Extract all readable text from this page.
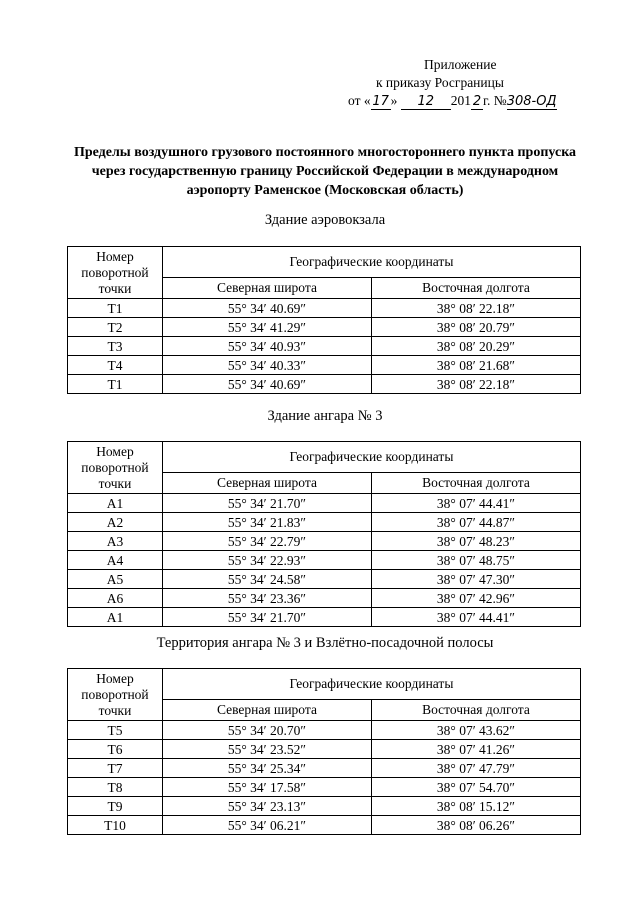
Приложение
к приказу Росграницы
от « 17 » 12 201 2 г. №308-ОД
Пределы воздушного грузового постоянного многостороннего пункта пропуска через государственную границу Российской Федерации в международном аэропорту Раменское (Московская область)
Здание аэровокзала
Номер поворотной точки	Географические координаты	
	Северная широта	Восточная долгота
Т1	55° 34′ 40.69″	38° 08′ 22.18″
Т2	55° 34′ 41.29″	38° 08′ 20.79″
Т3	55° 34′ 40.93″	38° 08′ 20.29″
Т4	55° 34′ 40.33″	38° 08′ 21.68″
Т1	55° 34′ 40.69″	38° 08′ 22.18″
Здание ангара № 3
Номер поворотной точки	Географические координаты	
	Северная широта	Восточная долгота
А1	55° 34′ 21.70″	38° 07′ 44.41″
А2	55° 34′ 21.83″	38° 07′ 44.87″
А3	55° 34′ 22.79″	38° 07′ 48.23″
А4	55° 34′ 22.93″	38° 07′ 48.75″
А5	55° 34′ 24.58″	38° 07′ 47.30″
А6	55° 34′ 23.36″	38° 07′ 42.96″
А1	55° 34′ 21.70″	38° 07′ 44.41″
Территория ангара № 3 и Взлётно-посадочной полосы
Номер поворотной точки	Географические координаты	
	Северная широта	Восточная долгота
Т5	55° 34′ 20.70″	38° 07′ 43.62″
Т6	55° 34′ 23.52″	38° 07′ 41.26″
Т7	55° 34′ 25.34″	38° 07′ 47.79″
Т8	55° 34′ 17.58″	38° 07′ 54.70″
Т9	55° 34′ 23.13″	38° 08′ 15.12″
Т10	55° 34′ 06.21″	38° 08′ 06.26″
